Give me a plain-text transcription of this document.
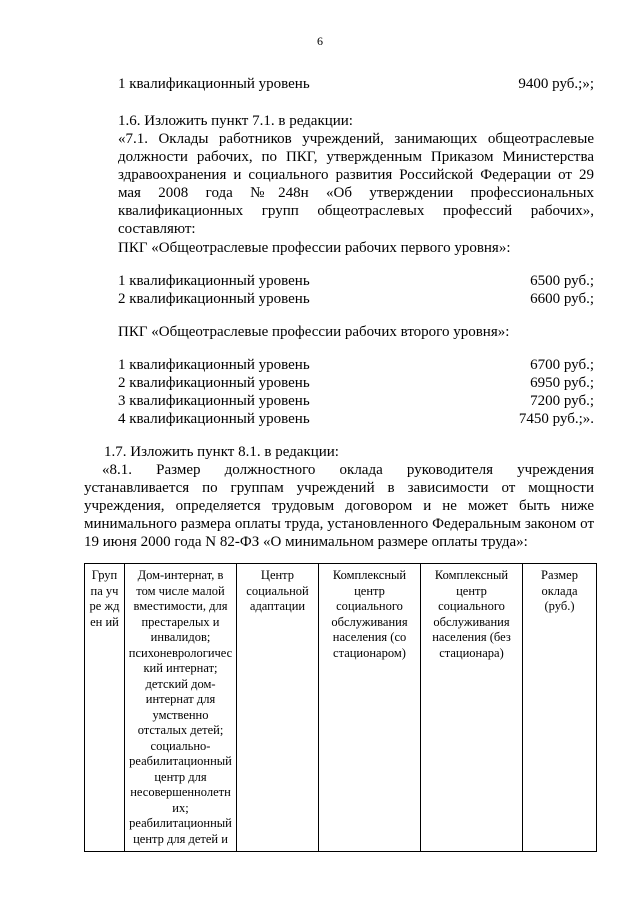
6
1 квалификационный уровень	9400 руб.;»;
1.6. Изложить пункт 7.1. в редакции:
«7.1. Оклады работников учреждений, занимающих общеотраслевые должности рабочих, по ПКГ, утвержденным Приказом Министерства здравоохранения и социального развития Российской Федерации от 29 мая 2008 года №248н «Об утверждении профессиональных квалификационных групп общеотраслевых профессий рабочих», составляют:
ПКГ «Общеотраслевые профессии рабочих первого уровня»:
1 квалификационный уровень	6500 руб.;
2 квалификационный уровень	6600 руб.;
ПКГ «Общеотраслевые профессии рабочих второго уровня»:
1 квалификационный уровень	6700 руб.;
2 квалификационный уровень	6950 руб.;
3 квалификационный уровень	7200 руб.;
4 квалификационный уровень	7450 руб.;».
1.7. Изложить пункт 8.1. в редакции:
«8.1. Размер должностного оклада руководителя учреждения устанавливается по группам учреждений в зависимости от мощности учреждения, определяется трудовым договором и не может быть ниже минимального размера оплаты труда, установленного Федеральным законом от 19 июня 2000 года N 82-ФЗ «О минимальном размере оплаты труда»:
Груп па учре жден ий	Дом-интернат, в том числе малой вместимости, для престарелых и инвалидов; психоневрологический интернат; детский дом-интернат для умственно отсталых детей; социально-реабилитационный центр для несовершеннолетних; реабилитационный центр для детей и	Центр социальной адаптации	Комплексный центр социального обслуживания населения (со стационаром)	Комплексный центр социального обслуживания населения (без стационара)	Размер оклада (руб.)
